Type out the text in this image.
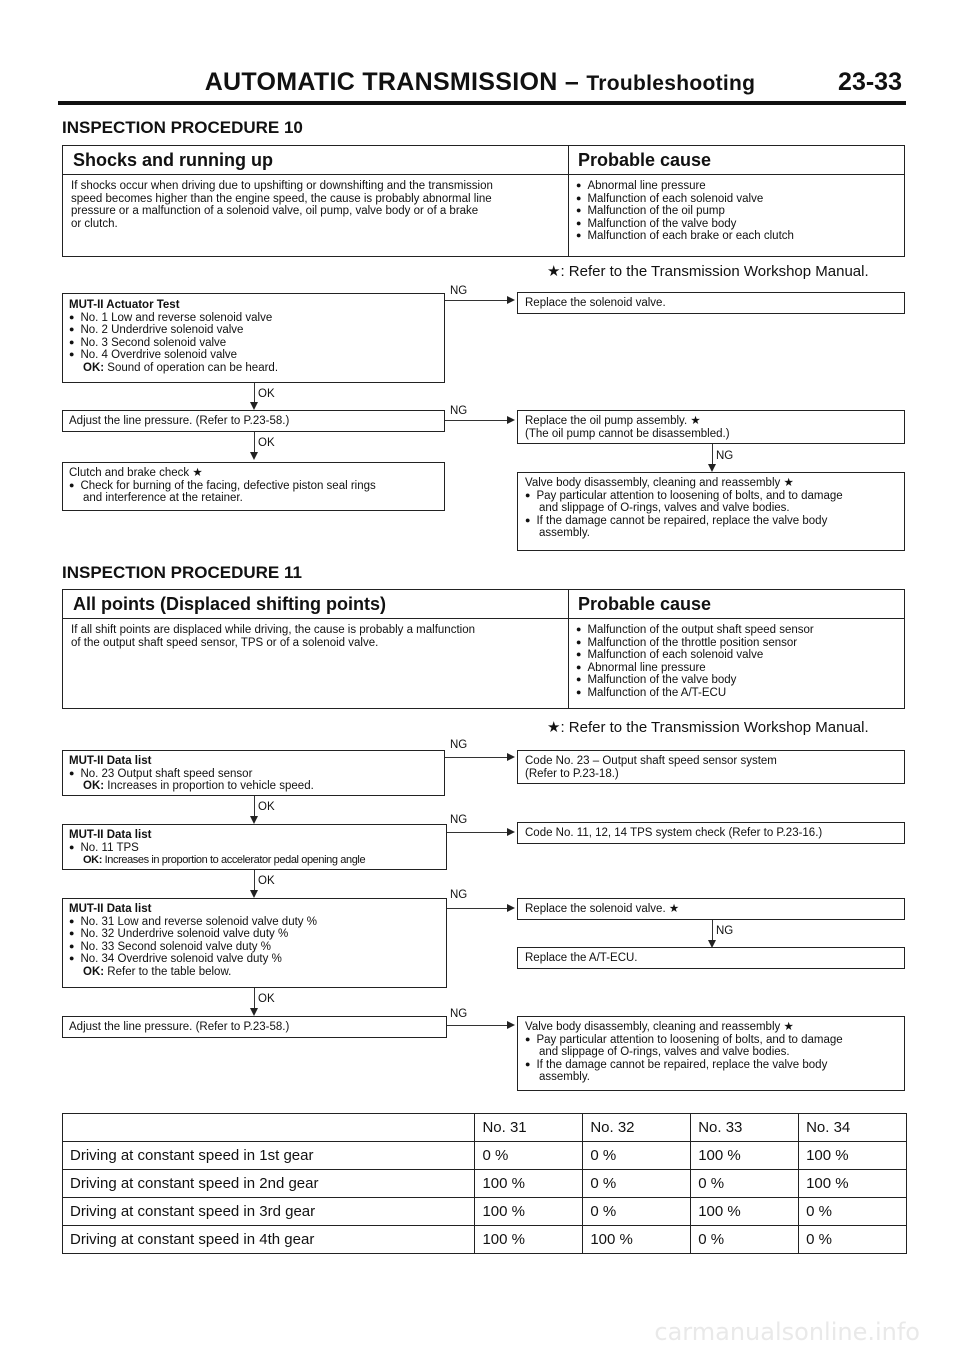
AUTOMATIC TRANSMISSION – Troubleshooting	23-33
INSPECTION PROCEDURE 10
Shocks and running up	Probable cause
If shocks occur when driving due to upshifting or downshifting and the transmission
speed becomes higher than the engine speed, the cause is probably abnormal line
pressure or a malfunction of a solenoid valve, oil pump, valve body or of a brake
or clutch.
● Abnormal line pressure
● Malfunction of each solenoid valve
● Malfunction of the oil pump
● Malfunction of the valve body
● Malfunction of each brake or each clutch
★: Refer to the Transmission Workshop Manual.
MUT-II Actuator Test
● No. 1 Low and reverse solenoid valve
● No. 2 Underdrive solenoid valve
● No. 3 Second solenoid valve
● No. 4 Overdrive solenoid valve
OK: Sound of operation can be heard.
NG
Replace the solenoid valve.
OK
Adjust the line pressure. (Refer to P.23-58.)
NG
Replace the oil pump assembly. ★
(The oil pump cannot be disassembled.)
OK
NG
Clutch and brake check ★
● Check for burning of the facing, defective piston seal rings
and interference at the retainer.
Valve body disassembly, cleaning and reassembly ★
● Pay particular attention to loosening of bolts, and to damage
and slippage of O-rings, valves and valve bodies.
● If the damage cannot be repaired, replace the valve body
assembly.
INSPECTION PROCEDURE 11
All points (Displaced shifting points)	Probable cause
If all shift points are displaced while driving, the cause is probably a malfunction
of the output shaft speed sensor, TPS or of a solenoid valve.
● Malfunction of the output shaft speed sensor
● Malfunction of the throttle position sensor
● Malfunction of each solenoid valve
● Abnormal line pressure
● Malfunction of the valve body
● Malfunction of the A/T-ECU
★: Refer to the Transmission Workshop Manual.
MUT-II Data list
● No. 23 Output shaft speed sensor
OK: Increases in proportion to vehicle speed.
NG
Code No. 23 – Output shaft speed sensor system
(Refer to P.23-18.)
OK
MUT-II Data list
● No. 11 TPS
OK: Increases in proportion to accelerator pedal opening angle
NG
Code No. 11, 12, 14 TPS system check (Refer to P.23-16.)
OK
MUT-II Data list
● No. 31 Low and reverse solenoid valve duty %
● No. 32 Underdrive solenoid valve duty %
● No. 33 Second solenoid valve duty %
● No. 34 Overdrive solenoid valve duty %
OK: Refer to the table below.
NG
Replace the solenoid valve. ★
NG
Replace the A/T-ECU.
OK
Adjust the line pressure. (Refer to P.23-58.)
NG
Valve body disassembly, cleaning and reassembly ★
● Pay particular attention to loosening of bolts, and to damage
and slippage of O-rings, valves and valve bodies.
● If the damage cannot be repaired, replace the valve body
assembly.
	No. 31	No. 32	No. 33	No. 34
Driving at constant speed in 1st gear	0 %	0 %	100 %	100 %
Driving at constant speed in 2nd gear	100 %	0 %	0 %	100 %
Driving at constant speed in 3rd gear	100 %	0 %	100 %	0 %
Driving at constant speed in 4th gear	100 %	100 %	0 %	0 %
carmanualsonline.info
